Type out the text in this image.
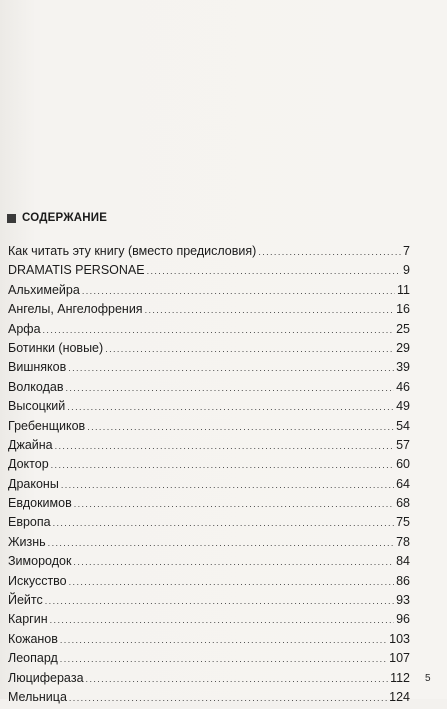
СОДЕРЖАНИЕ
Как читать эту книгу (вместо предисловия) .....	7
DRAMATIS PERSONAE .....	9
Альхимейра .....	11
Ангелы, Ангелофрения .....	16
Арфа .....	25
Ботинки (новые) .....	29
Вишняков .....	39
Волкодав .....	46
Высоцкий .....	49
Гребенщиков .....	54
Джайна .....	57
Доктор .....	60
Драконы .....	64
Евдокимов .....	68
Европа .....	75
Жизнь .....	78
Зимородок .....	84
Искусство .....	86
Йейтс .....	93
Каргин .....	96
Кожанов .....	103
Леопард .....	107
Люциферaза .....	112
Мельница .....	124
5
